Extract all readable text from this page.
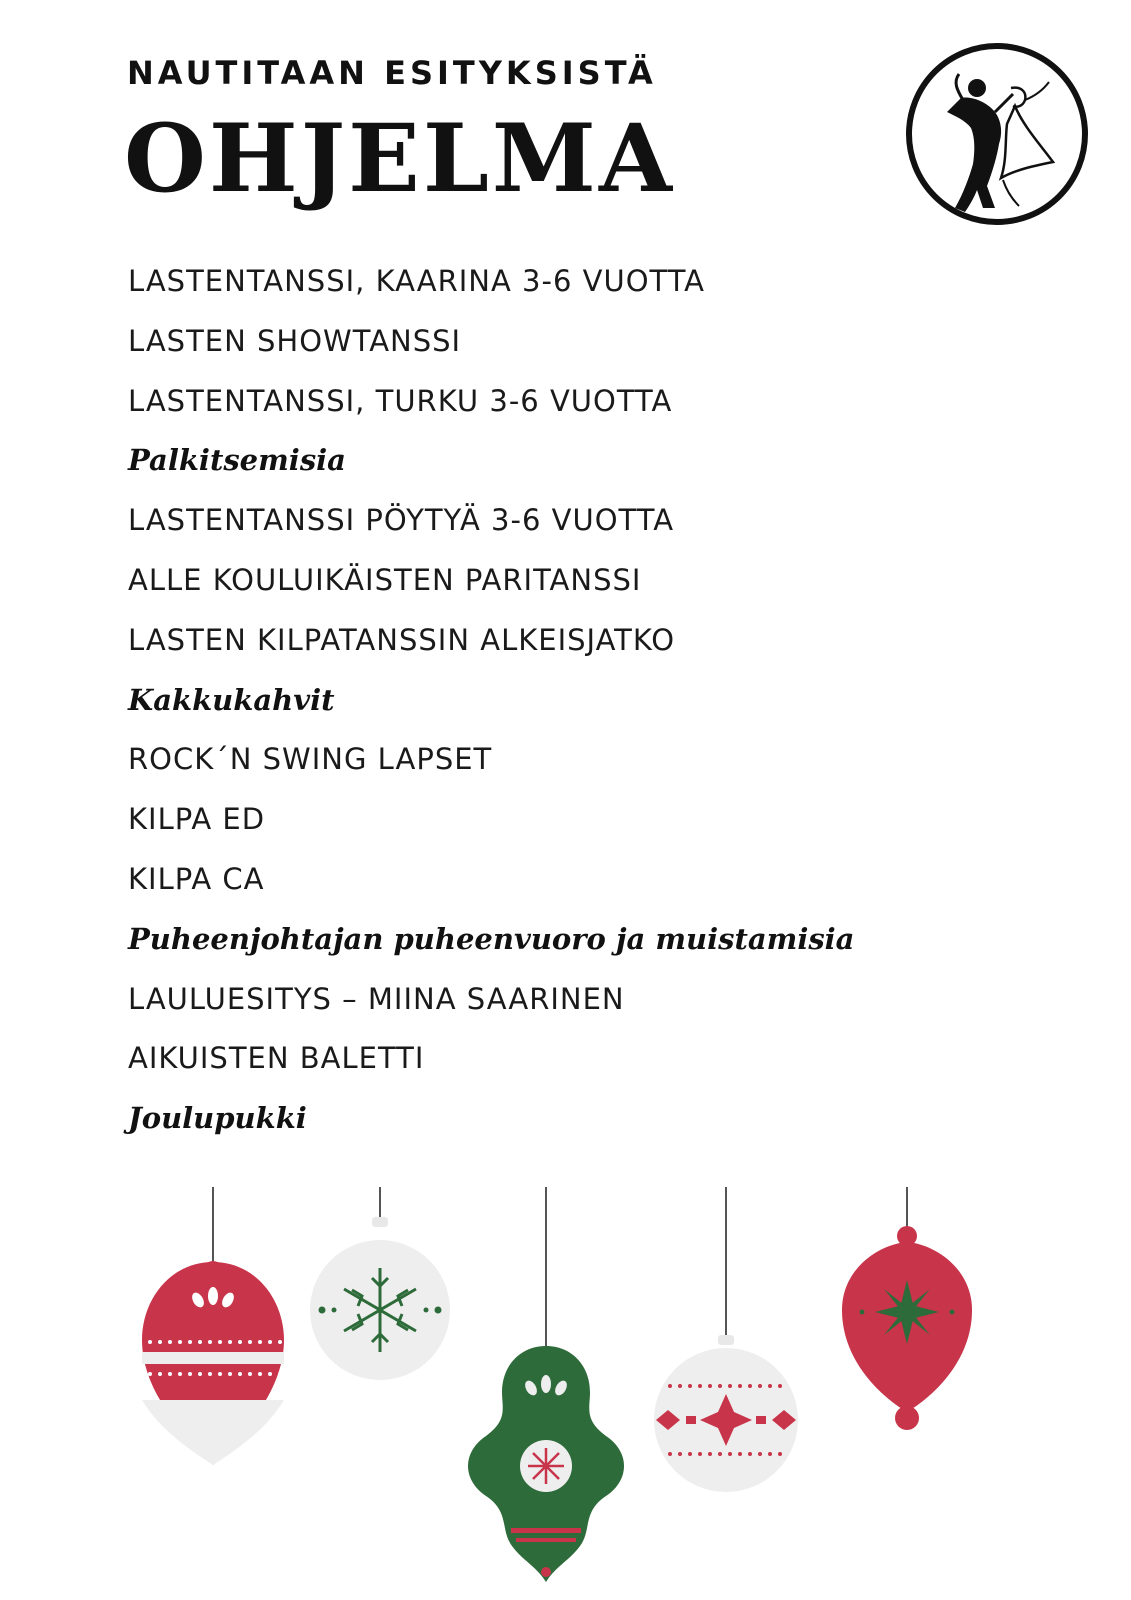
NAUTITAAN ESITYKSISTÄ
OHJELMA
LASTENTANSSI, KAARINA 3-6 VUOTTA
LASTEN SHOWTANSSI
LASTENTANSSI, TURKU 3-6 VUOTTA
Palkitsemisia
LASTENTANSSI PÖYTYÄ 3-6 VUOTTA
ALLE KOULUIKÄISTEN PARITANSSI
LASTEN KILPATANSSIN ALKEISJATKO
Kakkukahvit
ROCK´N SWING LAPSET
KILPA ED
KILPA CA
Puheenjohtajan puheenvuoro ja muistamisia
LAULUESITYS – MIINA SAARINEN
AIKUISTEN BALETTI
Joulupukki
